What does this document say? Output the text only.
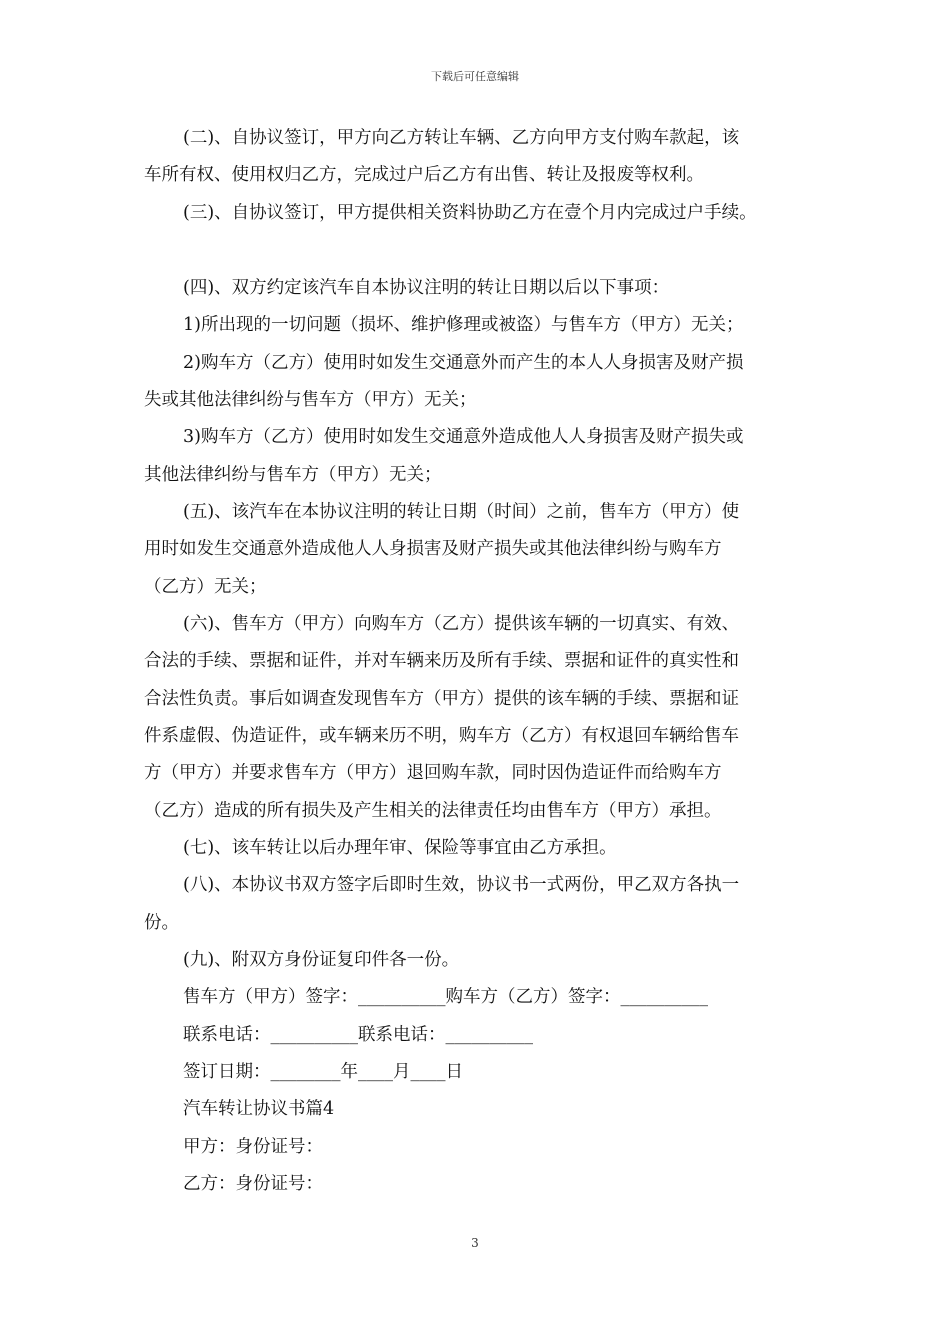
下载后可任意编辑
(二)、自协议签订，甲方向乙方转让车辆、乙方向甲方支付购车款起，该
车所有权、使用权归乙方，完成过户后乙方有出售、转让及报废等权利。
(三)、自协议签订，甲方提供相关资料协助乙方在壹个月内完成过户手续。
(四)、双方约定该汽车自本协议注明的转让日期以后以下事项：
1)所出现的一切问题（损坏、维护修理或被盗）与售车方（甲方）无关；
2)购车方（乙方）使用时如发生交通意外而产生的本人人身损害及财产损
失或其他法律纠纷与售车方（甲方）无关；
3)购车方（乙方）使用时如发生交通意外造成他人人身损害及财产损失或
其他法律纠纷与售车方（甲方）无关；
(五)、该汽车在本协议注明的转让日期（时间）之前，售车方（甲方）使
用时如发生交通意外造成他人人身损害及财产损失或其他法律纠纷与购车方
（乙方）无关；
(六)、售车方（甲方）向购车方（乙方）提供该车辆的一切真实、有效、
合法的手续、票据和证件，并对车辆来历及所有手续、票据和证件的真实性和
合法性负责。事后如调查发现售车方（甲方）提供的该车辆的手续、票据和证
件系虚假、伪造证件，或车辆来历不明，购车方（乙方）有权退回车辆给售车
方（甲方）并要求售车方（甲方）退回购车款，同时因伪造证件而给购车方
（乙方）造成的所有损失及产生相关的法律责任均由售车方（甲方）承担。
(七)、该车转让以后办理年审、保险等事宜由乙方承担。
(八)、本协议书双方签字后即时生效，协议书一式两份，甲乙双方各执一
份。
(九)、附双方身份证复印件各一份。
售车方（甲方）签字：__________购车方（乙方）签字：__________
联系电话：__________联系电话：__________
签订日期：________年____月____日
汽车转让协议书篇4
甲方：身份证号：
乙方：身份证号：
3
